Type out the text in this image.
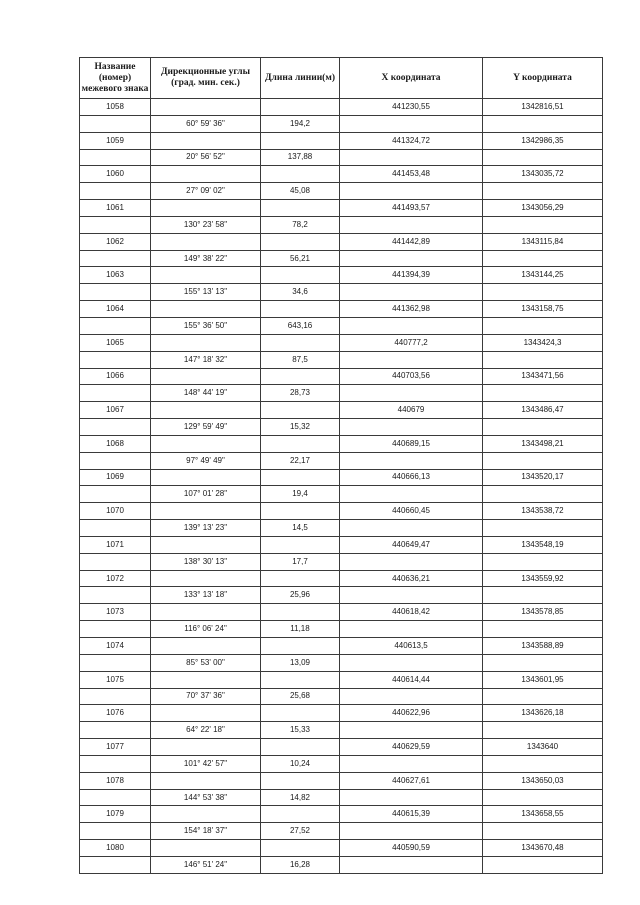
Название (номер) межевого знака	Дирекционные углы (град. мин. сек.)	Длина линии(м)	X координата	Y координата
1058			441230,55	1342816,51
	60° 59' 36"	194,2		
1059			441324,72	1342986,35
	20° 56' 52"	137,88		
1060			441453,48	1343035,72
	27° 09' 02"	45,08		
1061			441493,57	1343056,29
	130° 23' 58"	78,2		
1062			441442,89	1343115,84
	149° 38' 22"	56,21		
1063			441394,39	1343144,25
	155° 13' 13"	34,6		
1064			441362,98	1343158,75
	155° 36' 50"	643,16		
1065			440777,2	1343424,3
	147° 18' 32"	87,5		
1066			440703,56	1343471,56
	148° 44' 19"	28,73		
1067			440679	1343486,47
	129° 59' 49"	15,32		
1068			440689,15	1343498,21
	97° 49' 49"	22,17		
1069			440666,13	1343520,17
	107° 01' 28"	19,4		
1070			440660,45	1343538,72
	139° 13' 23"	14,5		
1071			440649,47	1343548,19
	138° 30' 13"	17,7		
1072			440636,21	1343559,92
	133° 13' 18"	25,96		
1073			440618,42	1343578,85
	116° 06' 24"	11,18		
1074			440613,5	1343588,89
	85° 53' 00"	13,09		
1075			440614,44	1343601,95
	70° 37' 36"	25,68		
1076			440622,96	1343626,18
	64° 22' 18"	15,33		
1077			440629,59	1343640
	101° 42' 57"	10,24		
1078			440627,61	1343650,03
	144° 53' 38"	14,82		
1079			440615,39	1343658,55
	154° 18' 37"	27,52		
1080			440590,59	1343670,48
	146° 51' 24"	16,28		
